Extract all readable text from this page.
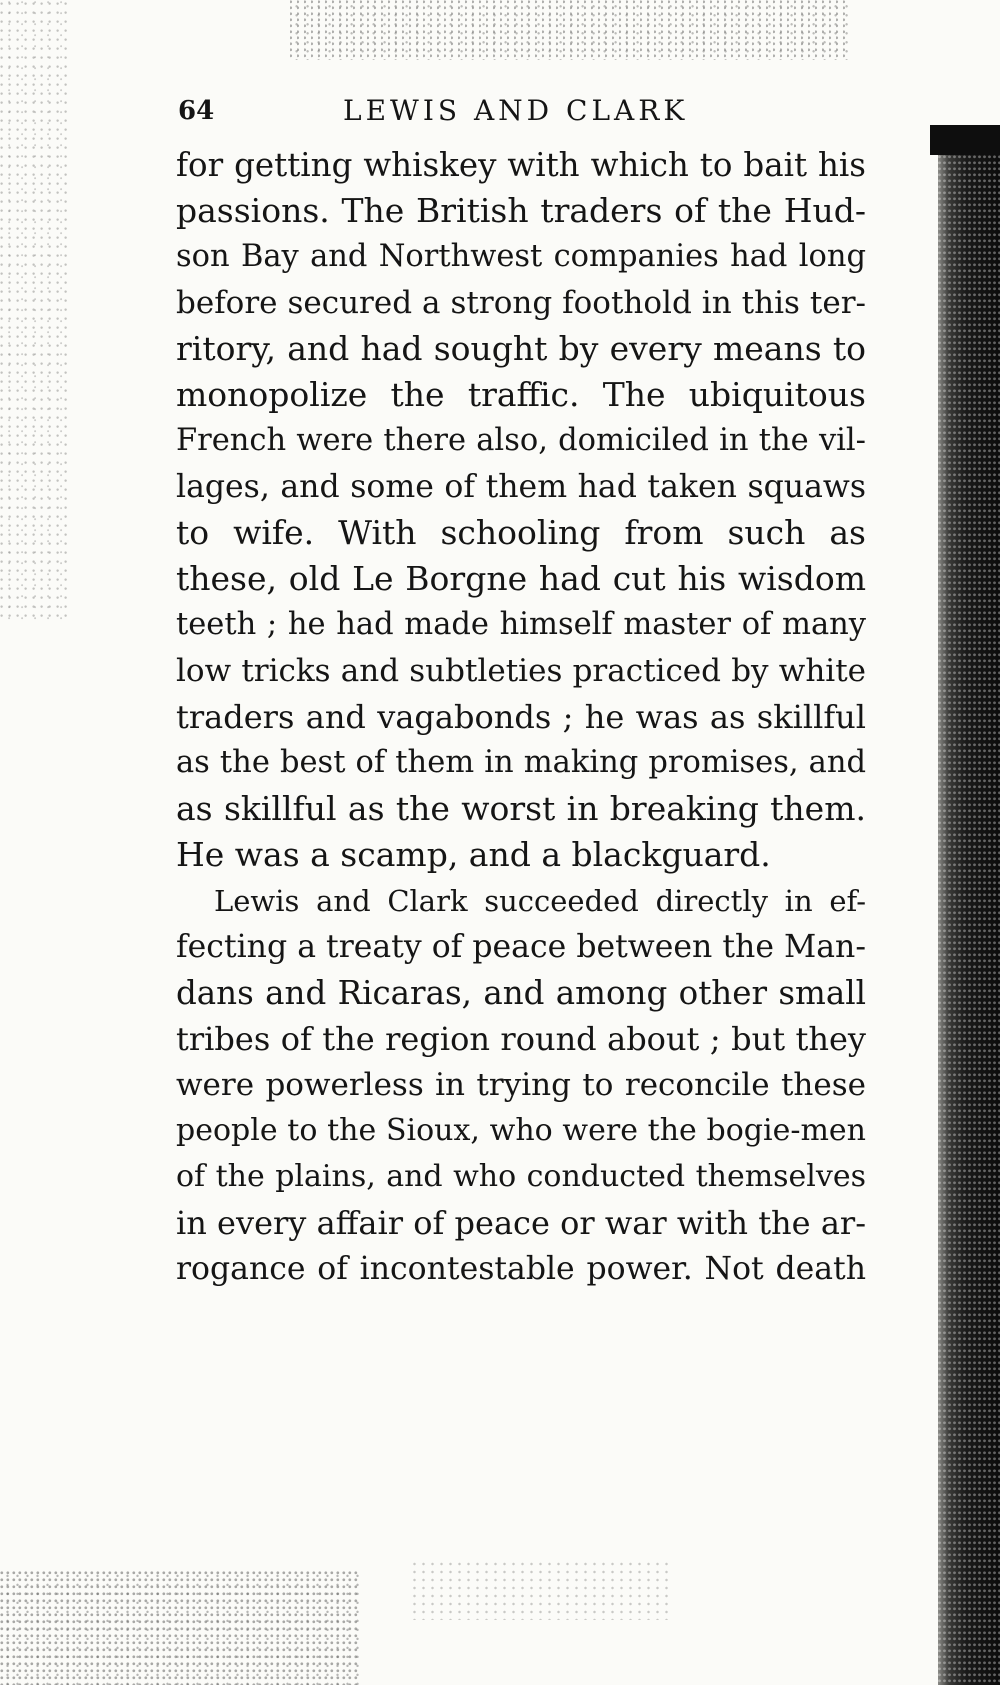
64	LEWIS AND CLARK
for getting whiskey with which to bait his
passions. The British traders of the Hud-
son Bay and Northwest companies had long
before secured a strong foothold in this ter-
ritory, and had sought by every means to
monopolize the traffic. The ubiquitous
French were there also, domiciled in the vil-
lages, and some of them had taken squaws
to wife. With schooling from such as
these, old Le Borgne had cut his wisdom
teeth ; he had made himself master of many
low tricks and subtleties practiced by white
traders and vagabonds ; he was as skillful
as the best of them in making promises, and
as skillful as the worst in breaking them.
He was a scamp, and a blackguard.
Lewis and Clark succeeded directly in ef-
fecting a treaty of peace between the Man-
dans and Ricaras, and among other small
tribes of the region round about ; but they
were powerless in trying to reconcile these
people to the Sioux, who were the bogie-men
of the plains, and who conducted themselves
in every affair of peace or war with the ar-
rogance of incontestable power. Not death
